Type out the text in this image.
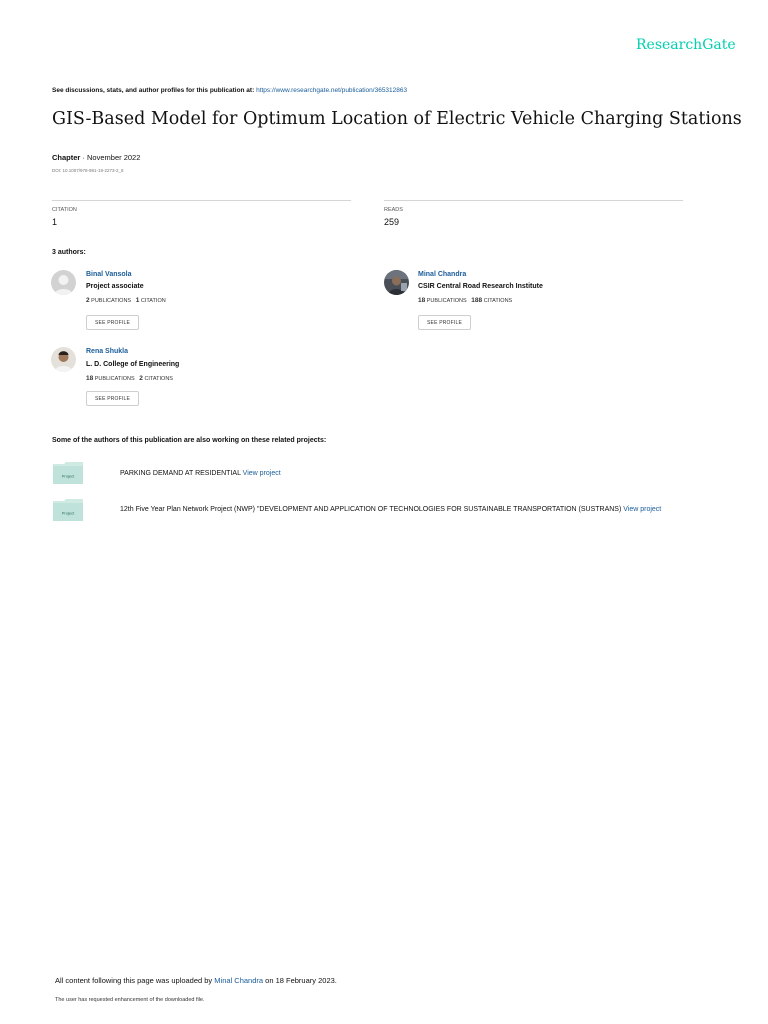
ResearchGate
See discussions, stats, and author profiles for this publication at: https://www.researchgate.net/publication/365312863
GIS-Based Model for Optimum Location of Electric Vehicle Charging Stations
Chapter · November 2022
DOI: 10.1007/978-981-19-2273-2_8
CITATION
1
READS
259
3 authors:
Binal Vansola
Project associate
2 PUBLICATIONS 1 CITATION
SEE PROFILE
Minal Chandra
CSIR Central Road Research Institute
18 PUBLICATIONS 188 CITATIONS
SEE PROFILE
Rena Shukla
L. D. College of Engineering
18 PUBLICATIONS 2 CITATIONS
SEE PROFILE
Some of the authors of this publication are also working on these related projects:
Project	PARKING DEMAND AT RESIDENTIAL View project
Project	12th Five Year Plan Network Project (NWP) "DEVELOPMENT AND APPLICATION OF TECHNOLOGIES FOR SUSTAINABLE TRANSPORTATION (SUSTRANS) View project
All content following this page was uploaded by Minal Chandra on 18 February 2023.
The user has requested enhancement of the downloaded file.
